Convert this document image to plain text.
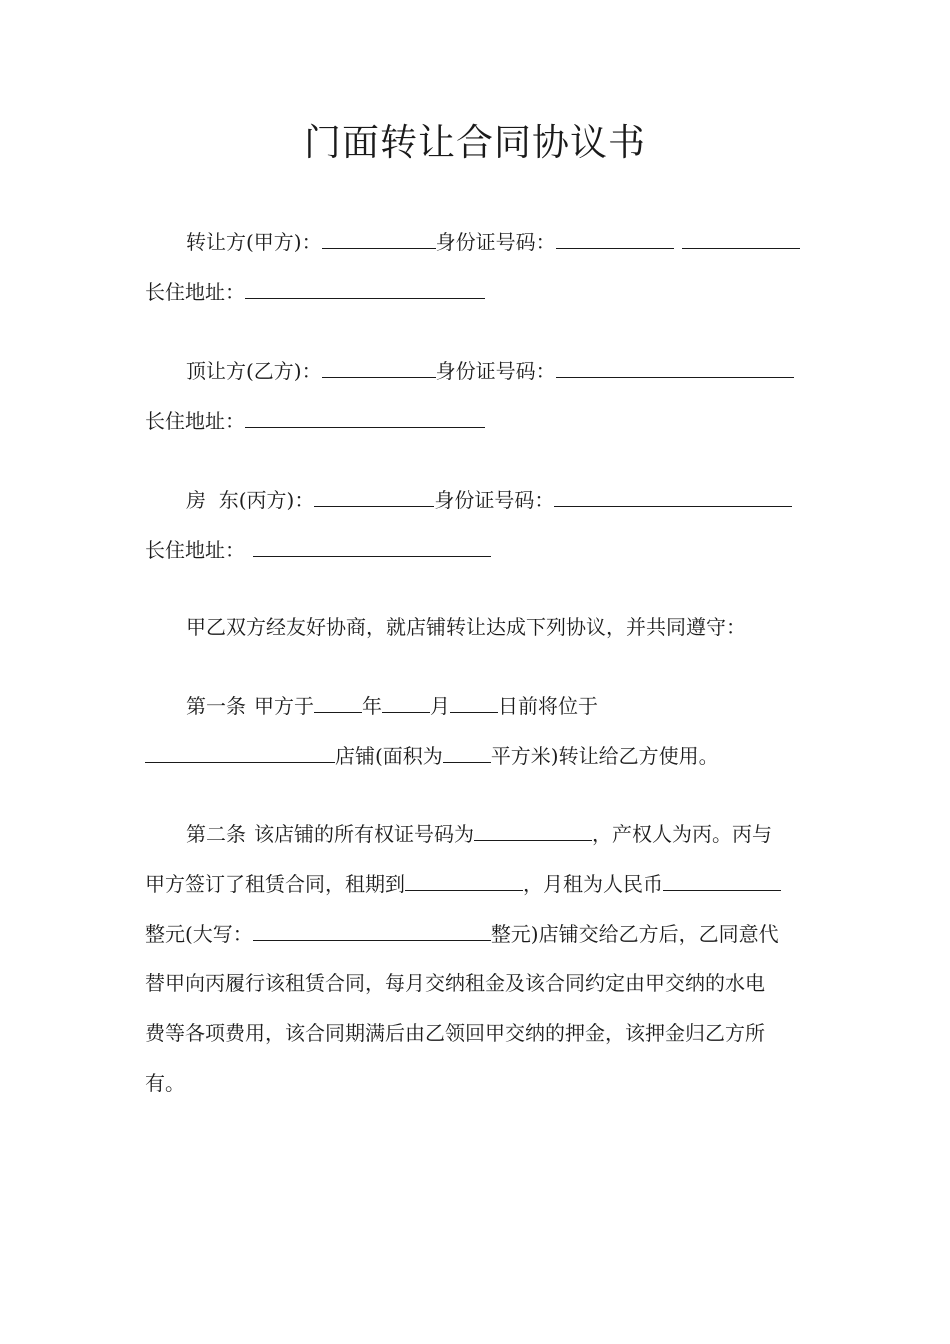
门面转让合同协议书
转让方(甲方)：	身份证号码：
长住地址：
顶让方(乙方)：	身份证号码：
长住地址：
房  东(丙方)：	身份证号码：
长住地址：
甲乙双方经友好协商，就店铺转让达成下列协议，并共同遵守：
第一条 甲方于 年 月 日前将位于
店铺(面积为 平方米)转让给乙方使用。
第二条 该店铺的所有权证号码为	，产权人为丙。丙与
甲方签订了租赁合同，租期到	，月租为人民币
整元(大写：	整元)店铺交给乙方后，乙同意代
替甲向丙履行该租赁合同，每月交纳租金及该合同约定由甲交纳的水电
费等各项费用，该合同期满后由乙领回甲交纳的押金，该押金归乙方所
有。
